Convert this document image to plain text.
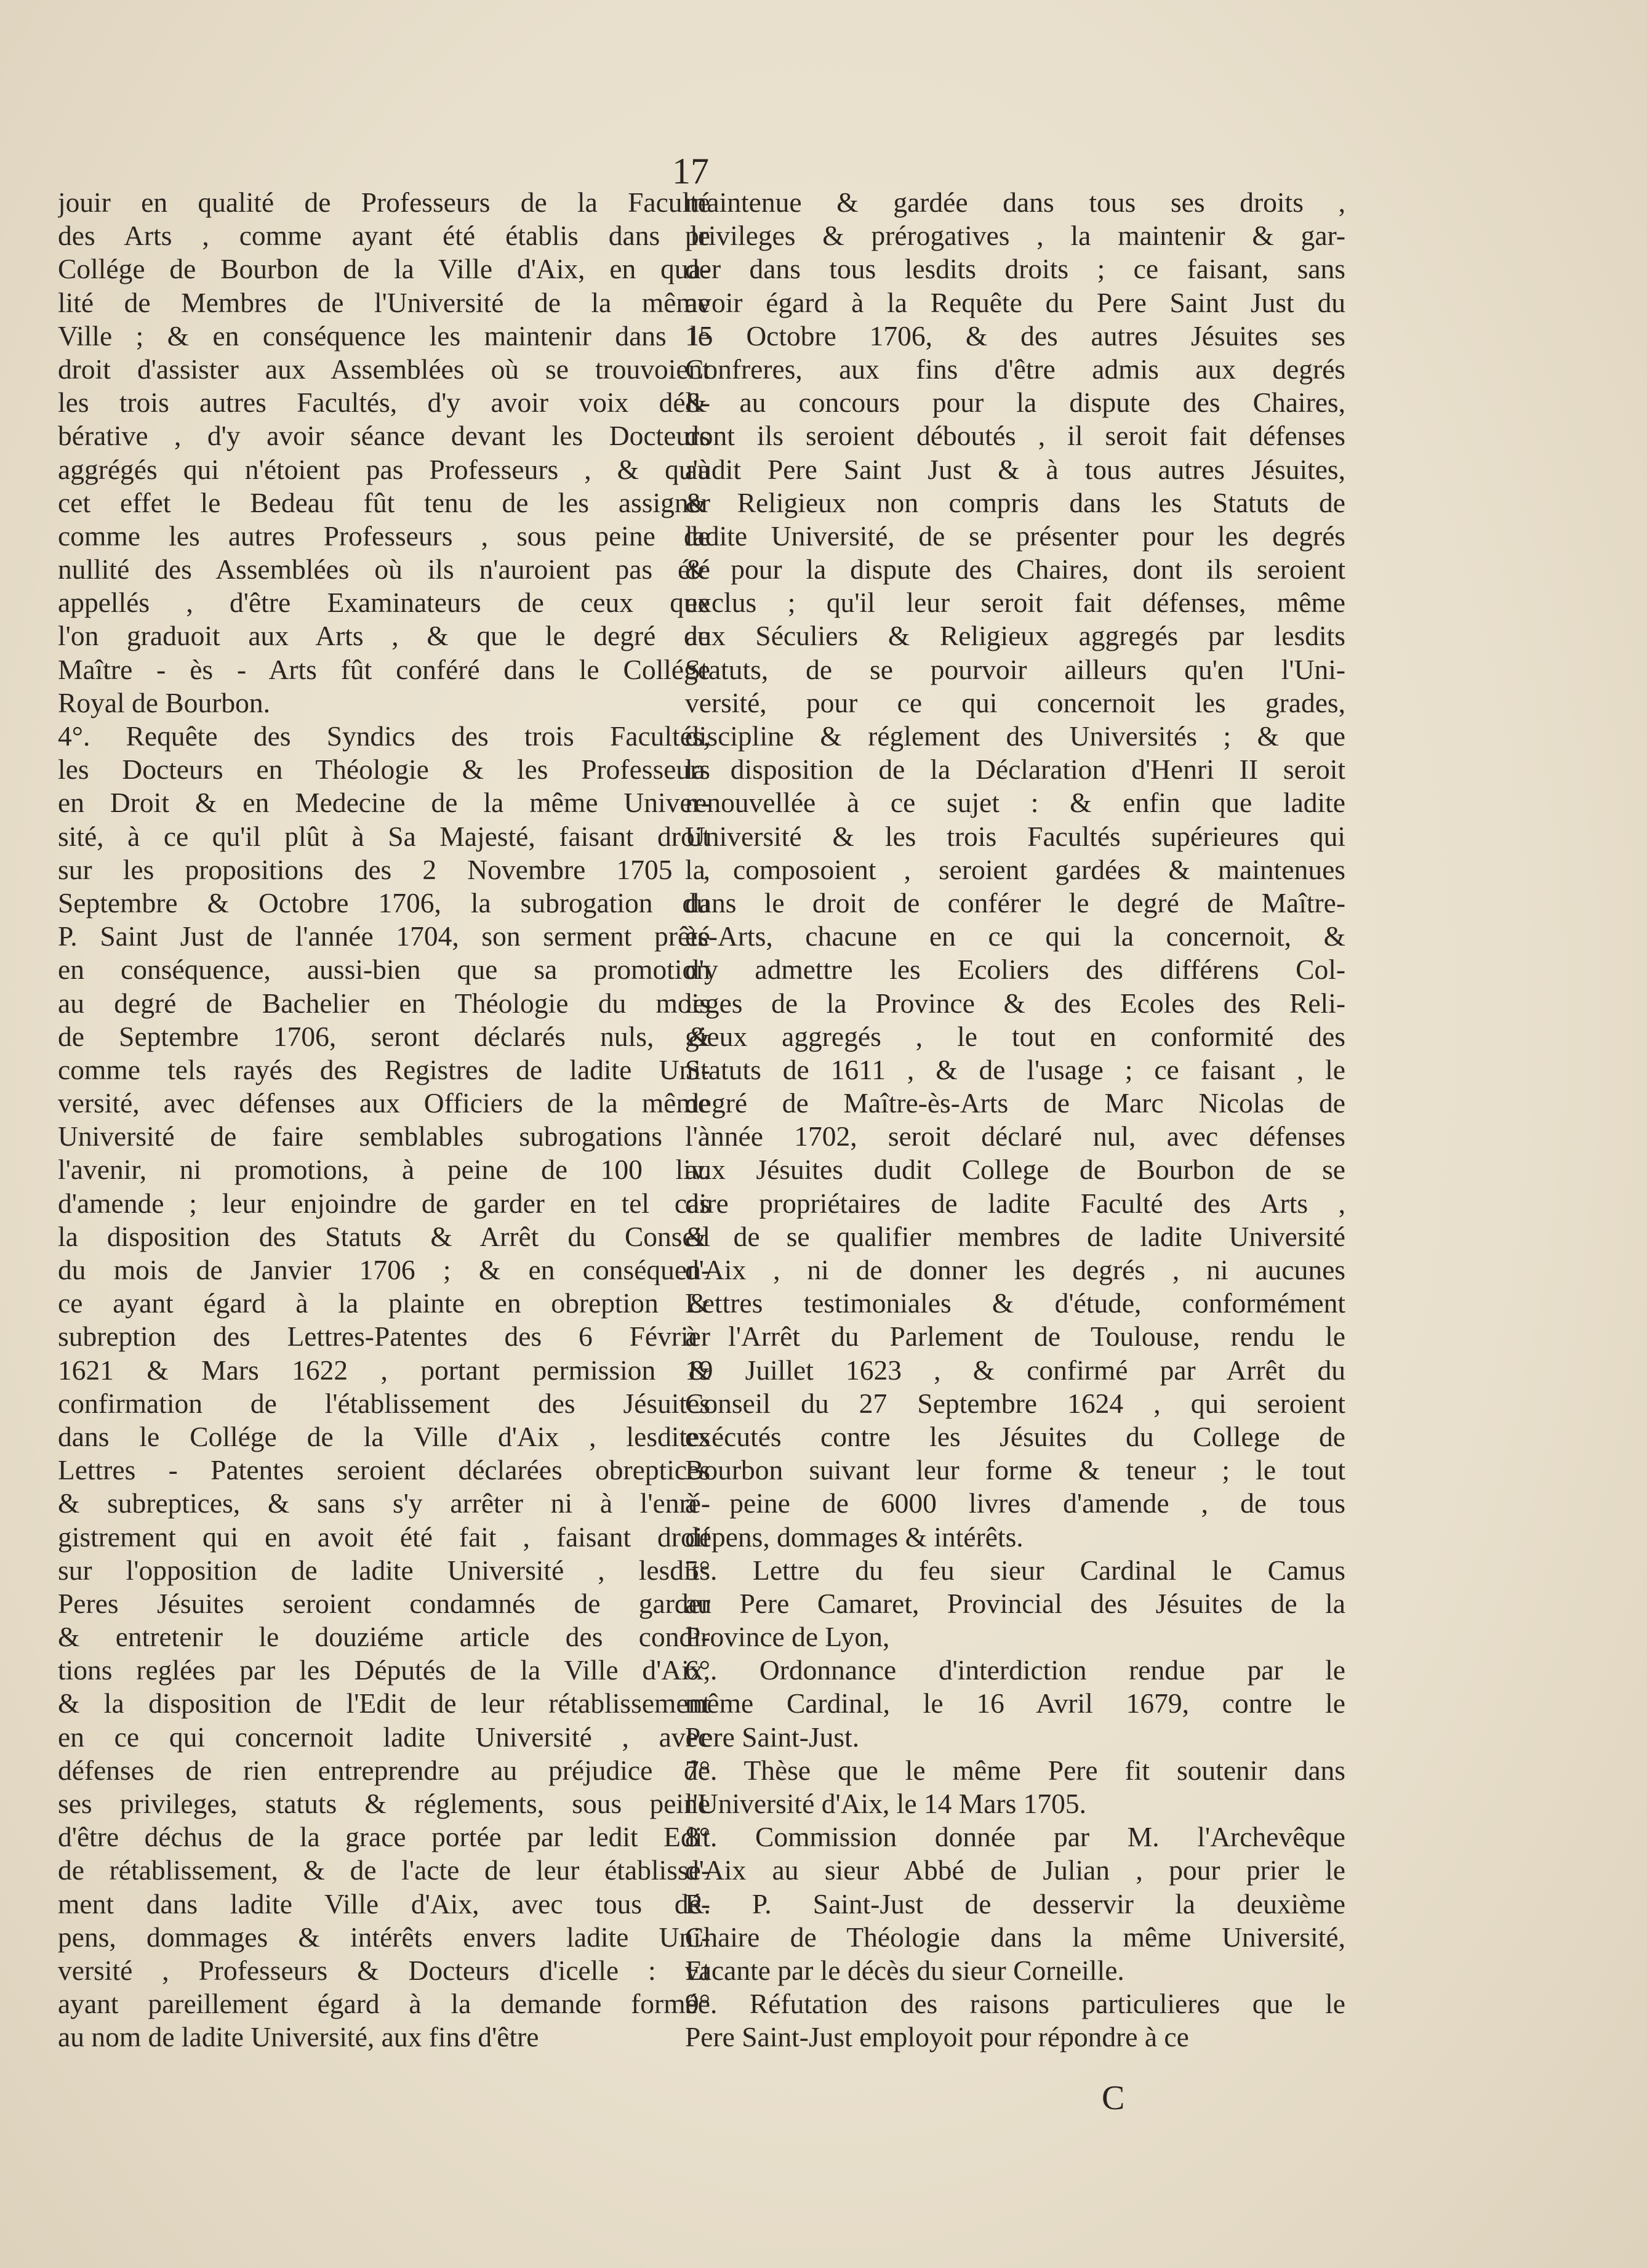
17
jouir en qualité de Professeurs de la Faculté
des Arts , comme ayant été établis dans le
Collége de Bourbon de la Ville d'Aix, en qua-
lité de Membres de l'Université de la même
Ville ; & en conséquence les maintenir dans le
droit d'assister aux Assemblées où se trouvoient
les trois autres Facultés, d'y avoir voix déli-
bérative , d'y avoir séance devant les Docteurs
aggrégés qui n'étoient pas Professeurs , & qu'à
cet effet le Bedeau fût tenu de les assigner
comme les autres Professeurs , sous peine de
nullité des Assemblées où ils n'auroient pas été
appellés , d'être Examinateurs de ceux que
l'on graduoit aux Arts , & que le degré de
Maître - ès - Arts fût conféré dans le Collége
Royal de Bourbon.
4°. Requête des Syndics des trois Facultés,
les Docteurs en Théologie & les Professeurs
en Droit & en Medecine de la même Univer-
sité, à ce qu'il plût à Sa Majesté, faisant droit
sur les propositions des 2 Novembre 1705 ,
Septembre & Octobre 1706, la subrogation du
P. Saint Just de l'année 1704, son serment prêté
en conséquence, aussi-bien que sa promotion
au degré de Bachelier en Théologie du mois
de Septembre 1706, seront déclarés nuls, &
comme tels rayés des Registres de ladite Uni-
versité, avec défenses aux Officiers de la même
Université de faire semblables subrogations à
l'avenir, ni promotions, à peine de 100 liv.
d'amende ; leur enjoindre de garder en tel cas
la disposition des Statuts & Arrêt du Conseil
du mois de Janvier 1706 ; & en conséquen-
ce ayant égard à la plainte en obreption &
subreption des Lettres-Patentes des 6 Février
1621 & Mars 1622 , portant permission &
confirmation de l'établissement des Jésuites
dans le Collége de la Ville d'Aix , lesdites
Lettres - Patentes seroient déclarées obreptices
& subreptices, & sans s'y arrêter ni à l'enré-
gistrement qui en avoit été fait , faisant droit
sur l'opposition de ladite Université , lesdits
Peres Jésuites seroient condamnés de garder
& entretenir le douziéme article des condi-
tions reglées par les Députés de la Ville d'Aix,
& la disposition de l'Edit de leur rétablissement
en ce qui concernoit ladite Université , avec
défenses de rien entreprendre au préjudice de
ses privileges, statuts & réglements, sous peine
d'être déchus de la grace portée par ledit Edit
de rétablissement, & de l'acte de leur établisse-
ment dans ladite Ville d'Aix, avec tous dé-
pens, dommages & intérêts envers ladite Uni-
versité , Professeurs & Docteurs d'icelle : Et
ayant pareillement égard à la demande formée
au nom de ladite Université, aux fins d'être
maintenue & gardée dans tous ses droits ,
privileges & prérogatives , la maintenir & gar-
der dans tous lesdits droits ; ce faisant, sans
avoir égard à la Requête du Pere Saint Just du
15 Octobre 1706, & des autres Jésuites ses
Confreres, aux fins d'être admis aux degrés
& au concours pour la dispute des Chaires,
dont ils seroient déboutés , il seroit fait défenses
audit Pere Saint Just & à tous autres Jésuites,
& Religieux non compris dans les Statuts de
ladite Université, de se présenter pour les degrés
& pour la dispute des Chaires, dont ils seroient
exclus ; qu'il leur seroit fait défenses, même
aux Séculiers & Religieux aggregés par lesdits
Statuts, de se pourvoir ailleurs qu'en l'Uni-
versité, pour ce qui concernoit les grades,
discipline & réglement des Universités ; & que
la disposition de la Déclaration d'Henri II seroit
renouvellée à ce sujet : & enfin que ladite
Université & les trois Facultés supérieures qui
la composoient , seroient gardées & maintenues
dans le droit de conférer le degré de Maître-
ès-Arts, chacune en ce qui la concernoit, &
d'y admettre les Ecoliers des différens Col-
leges de la Province & des Ecoles des Reli-
gieux aggregés , le tout en conformité des
Statuts de 1611 , & de l'usage ; ce faisant , le
degré de Maître-ès-Arts de Marc Nicolas de
l'année 1702, seroit déclaré nul, avec défenses
aux Jésuites dudit College de Bourbon de se
dire propriétaires de ladite Faculté des Arts ,
& de se qualifier membres de ladite Université
d'Aix , ni de donner les degrés , ni aucunes
Lettres testimoniales & d'étude, conformément
à l'Arrêt du Parlement de Toulouse, rendu le
19 Juillet 1623 , & confirmé par Arrêt du
Conseil du 27 Septembre 1624 , qui seroient
exécutés contre les Jésuites du College de
Bourbon suivant leur forme & teneur ; le tout
à peine de 6000 livres d'amende , de tous
dépens, dommages & intérêts.
5°. Lettre du feu sieur Cardinal le Camus
au Pere Camaret, Provincial des Jésuites de la
Province de Lyon,
6°. Ordonnance d'interdiction rendue par le
même Cardinal, le 16 Avril 1679, contre le
Pere Saint-Just.
7°. Thèse que le même Pere fit soutenir dans
l'Université d'Aix, le 14 Mars 1705.
8°. Commission donnée par M. l'Archevêque
d'Aix au sieur Abbé de Julian , pour prier le
R. P. Saint-Just de desservir la deuxième
Chaire de Théologie dans la même Université,
vacante par le décès du sieur Corneille.
9°. Réfutation des raisons particulieres que le
Pere Saint-Just employoit pour répondre à ce
C
